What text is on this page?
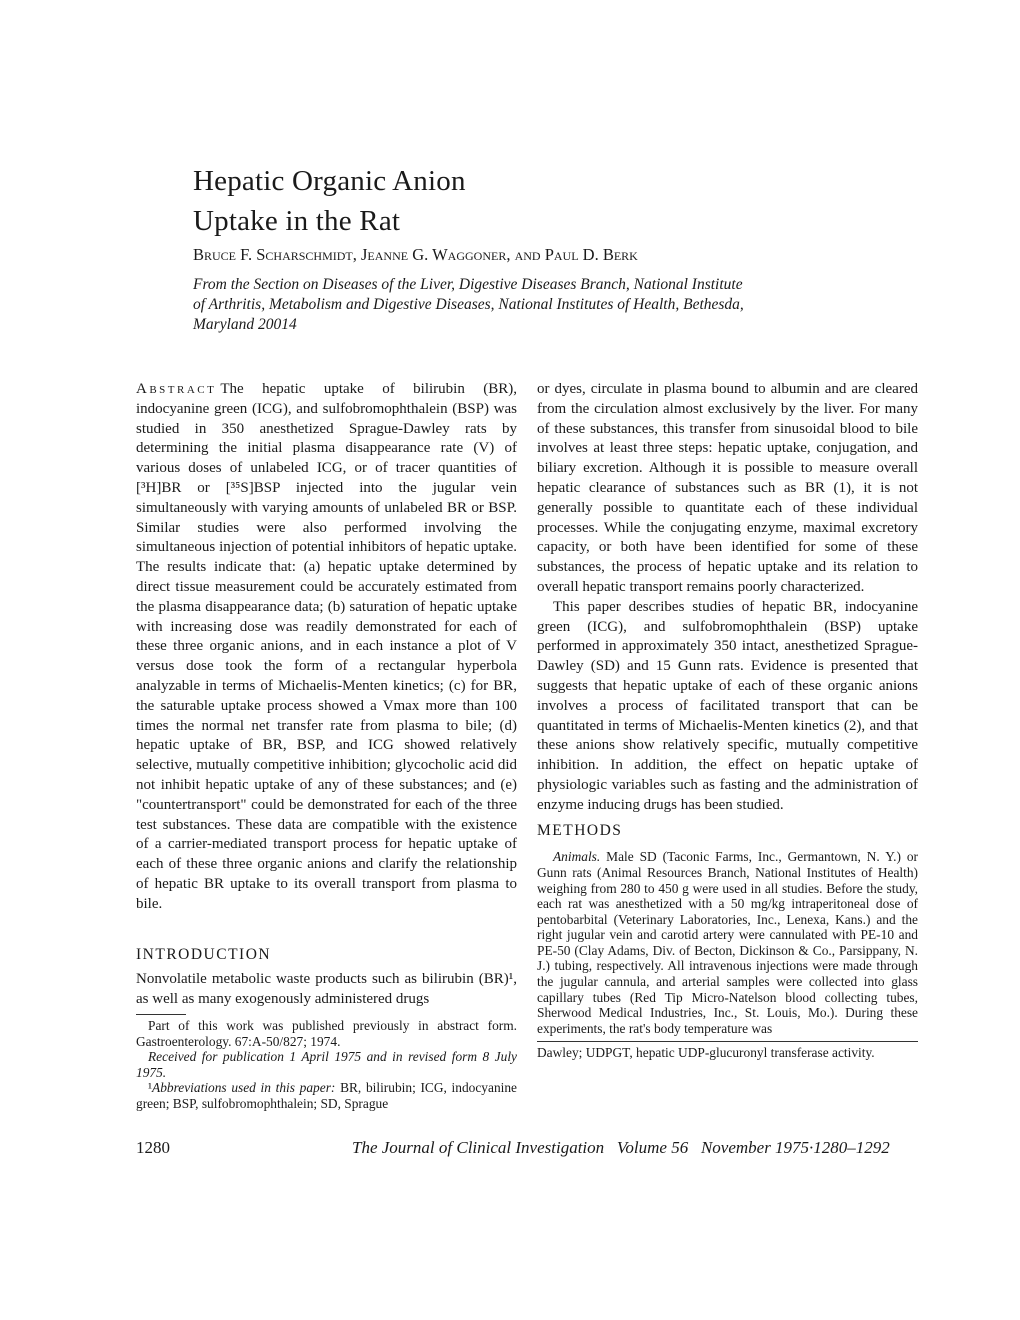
Hepatic Organic Anion
Uptake in the Rat
Bruce F. Scharschmidt, Jeanne G. Waggoner, and Paul D. Berk
From the Section on Diseases of the Liver, Digestive Diseases Branch, National Institute of Arthritis, Metabolism and Digestive Diseases, National Institutes of Health, Bethesda, Maryland 20014

Abstract The hepatic uptake of bilirubin (BR), indocyanine green (ICG), and sulfobromophthalein (BSP) was studied in 350 anesthetized Sprague-Dawley rats by determining the initial plasma disappearance rate (V) of various doses of unlabeled ICG, or of tracer quantities of [³H]BR or [³⁵S]BSP injected into the jugular vein simultaneously with varying amounts of unlabeled BR or BSP. Similar studies were also performed involving the simultaneous injection of potential inhibitors of hepatic uptake. The results indicate that: (a) hepatic uptake determined by direct tissue measurement could be accurately estimated from the plasma disappearance data; (b) saturation of hepatic uptake with increasing dose was readily demonstrated for each of these three organic anions, and in each instance a plot of V versus dose took the form of a rectangular hyperbola analyzable in terms of Michaelis-Menten kinetics; (c) for BR, the saturable uptake process showed a Vmax more than 100 times the normal net transfer rate from plasma to bile; (d) hepatic uptake of BR, BSP, and ICG showed relatively selective, mutually competitive inhibition; glycocholic acid did not inhibit hepatic uptake of any of these substances; and (e) "countertransport" could be demonstrated for each of the three test substances. These data are compatible with the existence of a carrier-mediated transport process for hepatic uptake of each of these three organic anions and clarify the relationship of hepatic BR uptake to its overall transport from plasma to bile.

INTRODUCTION

Nonvolatile metabolic waste products such as bilirubin (BR)¹, as well as many exogenously administered drugs

Part of this work was published previously in abstract form. Gastroenterology. 67:A-50/827; 1974.

Received for publication 1 April 1975 and in revised form 8 July 1975.

¹Abbreviations used in this paper: BR, bilirubin; ICG, indocyanine green; BSP, sulfobromophthalein; SD, Sprague

or dyes, circulate in plasma bound to albumin and are cleared from the circulation almost exclusively by the liver. For many of these substances, this transfer from sinusoidal blood to bile involves at least three steps: hepatic uptake, conjugation, and biliary excretion. Although it is possible to measure overall hepatic clearance of substances such as BR (1), it is not generally possible to quantitate each of these individual processes. While the conjugating enzyme, maximal excretory capacity, or both have been identified for some of these substances, the process of hepatic uptake and its relation to overall hepatic transport remains poorly characterized.

This paper describes studies of hepatic BR, indocyanine green (ICG), and sulfobromophthalein (BSP) uptake performed in approximately 350 intact, anesthetized Sprague-Dawley (SD) and 15 Gunn rats. Evidence is presented that suggests that hepatic uptake of each of these organic anions involves a process of facilitated transport that can be quantitated in terms of Michaelis-Menten kinetics (2), and that these anions show relatively specific, mutually competitive inhibition. In addition, the effect on hepatic uptake of physiologic variables such as fasting and the administration of enzyme inducing drugs has been studied.

METHODS

Animals. Male SD (Taconic Farms, Inc., Germantown, N. Y.) or Gunn rats (Animal Resources Branch, National Institutes of Health) weighing from 280 to 450 g were used in all studies. Before the study, each rat was anesthetized with a 50 mg/kg intraperitoneal dose of pentobarbital (Veterinary Laboratories, Inc., Lenexa, Kans.) and the right jugular vein and carotid artery were cannulated with PE-10 and PE-50 (Clay Adams, Div. of Becton, Dickinson & Co., Parsippany, N. J.) tubing, respectively. All intravenous injections were made through the jugular cannula, and arterial samples were collected into glass capillary tubes (Red Tip Micro-Natelson blood collecting tubes, Sherwood Medical Industries, Inc., St. Louis, Mo.). During these experiments, the rat's body temperature was

Dawley; UDPGT, hepatic UDP-glucuronyl transferase activity.

1280	The Journal of Clinical Investigation   Volume 56   November 1975·1280–1292
